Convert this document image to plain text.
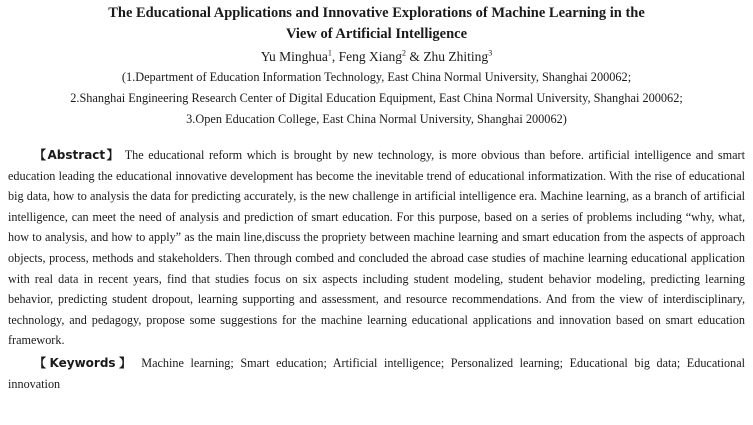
The Educational Applications and Innovative Explorations of Machine Learning in the
View of Artificial Intelligence
Yu Minghua$^1$, Feng Xiang$^2$ & Zhu Zhiting$^3$
(1.Department of Education Information Technology, East China Normal University, Shanghai 200062;
2.Shanghai Engineering Research Center of Digital Education Equipment, East China Normal University, Shanghai 200062;
3.Open Education College, East China Normal University, Shanghai 200062)
【Abstract】 The educational reform which is brought by new technology, is more obvious than before. artificial intelligence and smart education leading the educational innovative development has become the inevitable trend of educational informatization. With the rise of educational big data, how to analysis the data for predicting accurately, is the new challenge in artificial intelligence era. Machine learning, as a branch of artificial intelligence, can meet the need of analysis and prediction of smart education. For this purpose, based on a series of problems including “why, what, how to analysis, and how to apply” as the main line,discuss the propriety between machine learning and smart education from the aspects of approach objects, process, methods and stakeholders. Then through combed and concluded the abroad case studies of machine learning educational application with real data in recent years, find that studies focus on six aspects including student modeling, student behavior modeling, predicting learning behavior, predicting student dropout, learning supporting and assessment, and resource recommendations. And from the view of interdisciplinary, technology, and pedagogy, propose some suggestions for the machine learning educational applications and innovation based on smart education framework.
【Keywords】 Machine learning; Smart education; Artificial intelligence; Personalized learning; Educational big data; Educational innovation
